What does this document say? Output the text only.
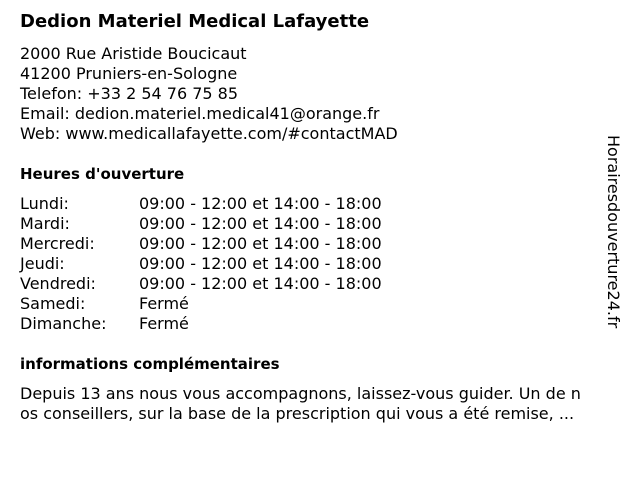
Dedion Materiel Medical Lafayette
2000 Rue Aristide Boucicaut
41200 Pruniers-en-Sologne
Telefon: +33 2 54 76 75 85
Email: dedion.materiel.medical41@orange.fr
Web: www.medicallafayette.com/#contactMAD
Heures d'ouverture
Lundi:	09:00 - 12:00 et 14:00 - 18:00
Mardi:	09:00 - 12:00 et 14:00 - 18:00
Mercredi:	09:00 - 12:00 et 14:00 - 18:00
Jeudi:	09:00 - 12:00 et 14:00 - 18:00
Vendredi:	09:00 - 12:00 et 14:00 - 18:00
Samedi:	Fermé
Dimanche: Fermé
informations complémentaires
Depuis 13 ans nous vous accompagnons, laissez-vous guider. Un de n
os conseillers, sur la base de la prescription qui vous a été remise, ...
Horairesdouverture24.fr
